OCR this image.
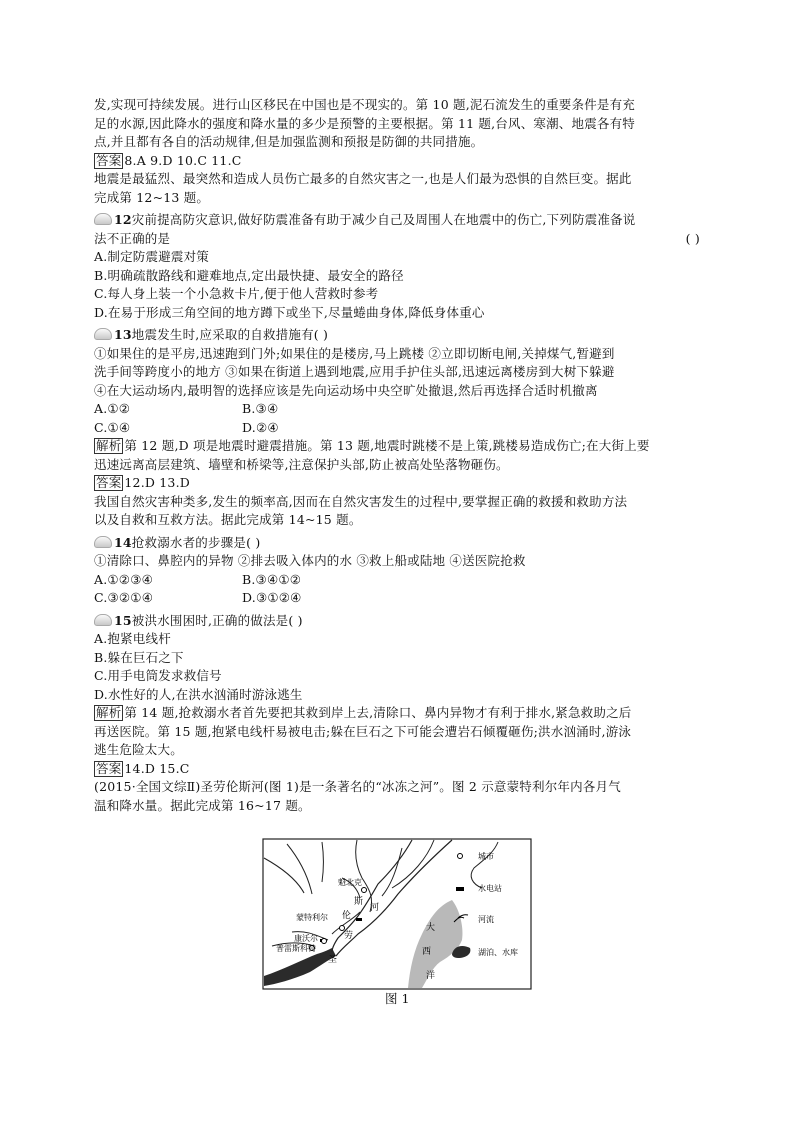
发,实现可持续发展。进行山区移民在中国也是不现实的。第 10 题,泥石流发生的重要条件是有充
足的水源,因此降水的强度和降水量的多少是预警的主要根据。第 11 题,台风、寒潮、地震各有特
点,并且都有各自的活动规律,但是加强监测和预报是防御的共同措施。
答案 8.A 9.D 10.C 11.C
地震是最猛烈、最突然和造成人员伤亡最多的自然灾害之一,也是人们最为恐惧的自然巨变。据此
完成第 12~13 题。
12灾前提高防灾意识,做好防震准备有助于减少自己及周围人在地震中的伤亡,下列防震准备说
法不正确的是	( )
A.制定防震避震对策
B.明确疏散路线和避难地点,定出最快捷、最安全的路径
C.每人身上装一个小急救卡片,便于他人营救时参考
D.在易于形成三角空间的地方蹲下或坐下,尽量蜷曲身体,降低身体重心
13地震发生时,应采取的自救措施有( )
①如果住的是平房,迅速跑到门外;如果住的是楼房,马上跳楼 ②立即切断电闸,关掉煤气,暂避到
洗手间等跨度小的地方 ③如果在街道上遇到地震,应用手护住头部,迅速远离楼房到大树下躲避
④在大运动场内,最明智的选择应该是先向运动场中央空旷处撤退,然后再选择合适时机撤离
A.①②	B.③④
C.①④	D.②④
解析 第 12 题,D 项是地震时避震措施。第 13 题,地震时跳楼不是上策,跳楼易造成伤亡;在大街上要
迅速远离高层建筑、墙壁和桥梁等,注意保护头部,防止被高处坠落物砸伤。
答案 12.D 13.D
我国自然灾害种类多,发生的频率高,因而在自然灾害发生的过程中,要掌握正确的救援和救助方法
以及自救和互救方法。据此完成第 14~15 题。
14抢救溺水者的步骤是( )
①清除口、鼻腔内的异物 ②排去吸入体内的水 ③救上船或陆地 ④送医院抢救
A.①②③④	B.③④①②
C.③②①④	D.③①②④
15被洪水围困时,正确的做法是( )
A.抱紧电线杆
B.躲在巨石之下
C.用手电筒发求救信号
D.水性好的人,在洪水汹涌时游泳逃生
解析 第 14 题,抢救溺水者首先要把其救到岸上去,清除口、鼻内异物才有利于排水,紧急救助之后
再送医院。第 15 题,抱紧电线杆易被电击;躲在巨石之下可能会遭岩石倾覆砸伤;洪水汹涌时,游泳
逃生危险太大。
答案 14.D 15.C
(2015·全国文综Ⅱ)圣劳伦斯河(图 1)是一条著名的“冰冻之河”。图 2 示意蒙特利尔年内各月气
温和降水量。据此完成第 16~17 题。
魁北克
蒙特利尔
康沃尔
普雷斯科特
安大略湖
斯
河
伦
劳
圣
大
西
洋
城市
水电站
河流
湖泊、水库
图 1
